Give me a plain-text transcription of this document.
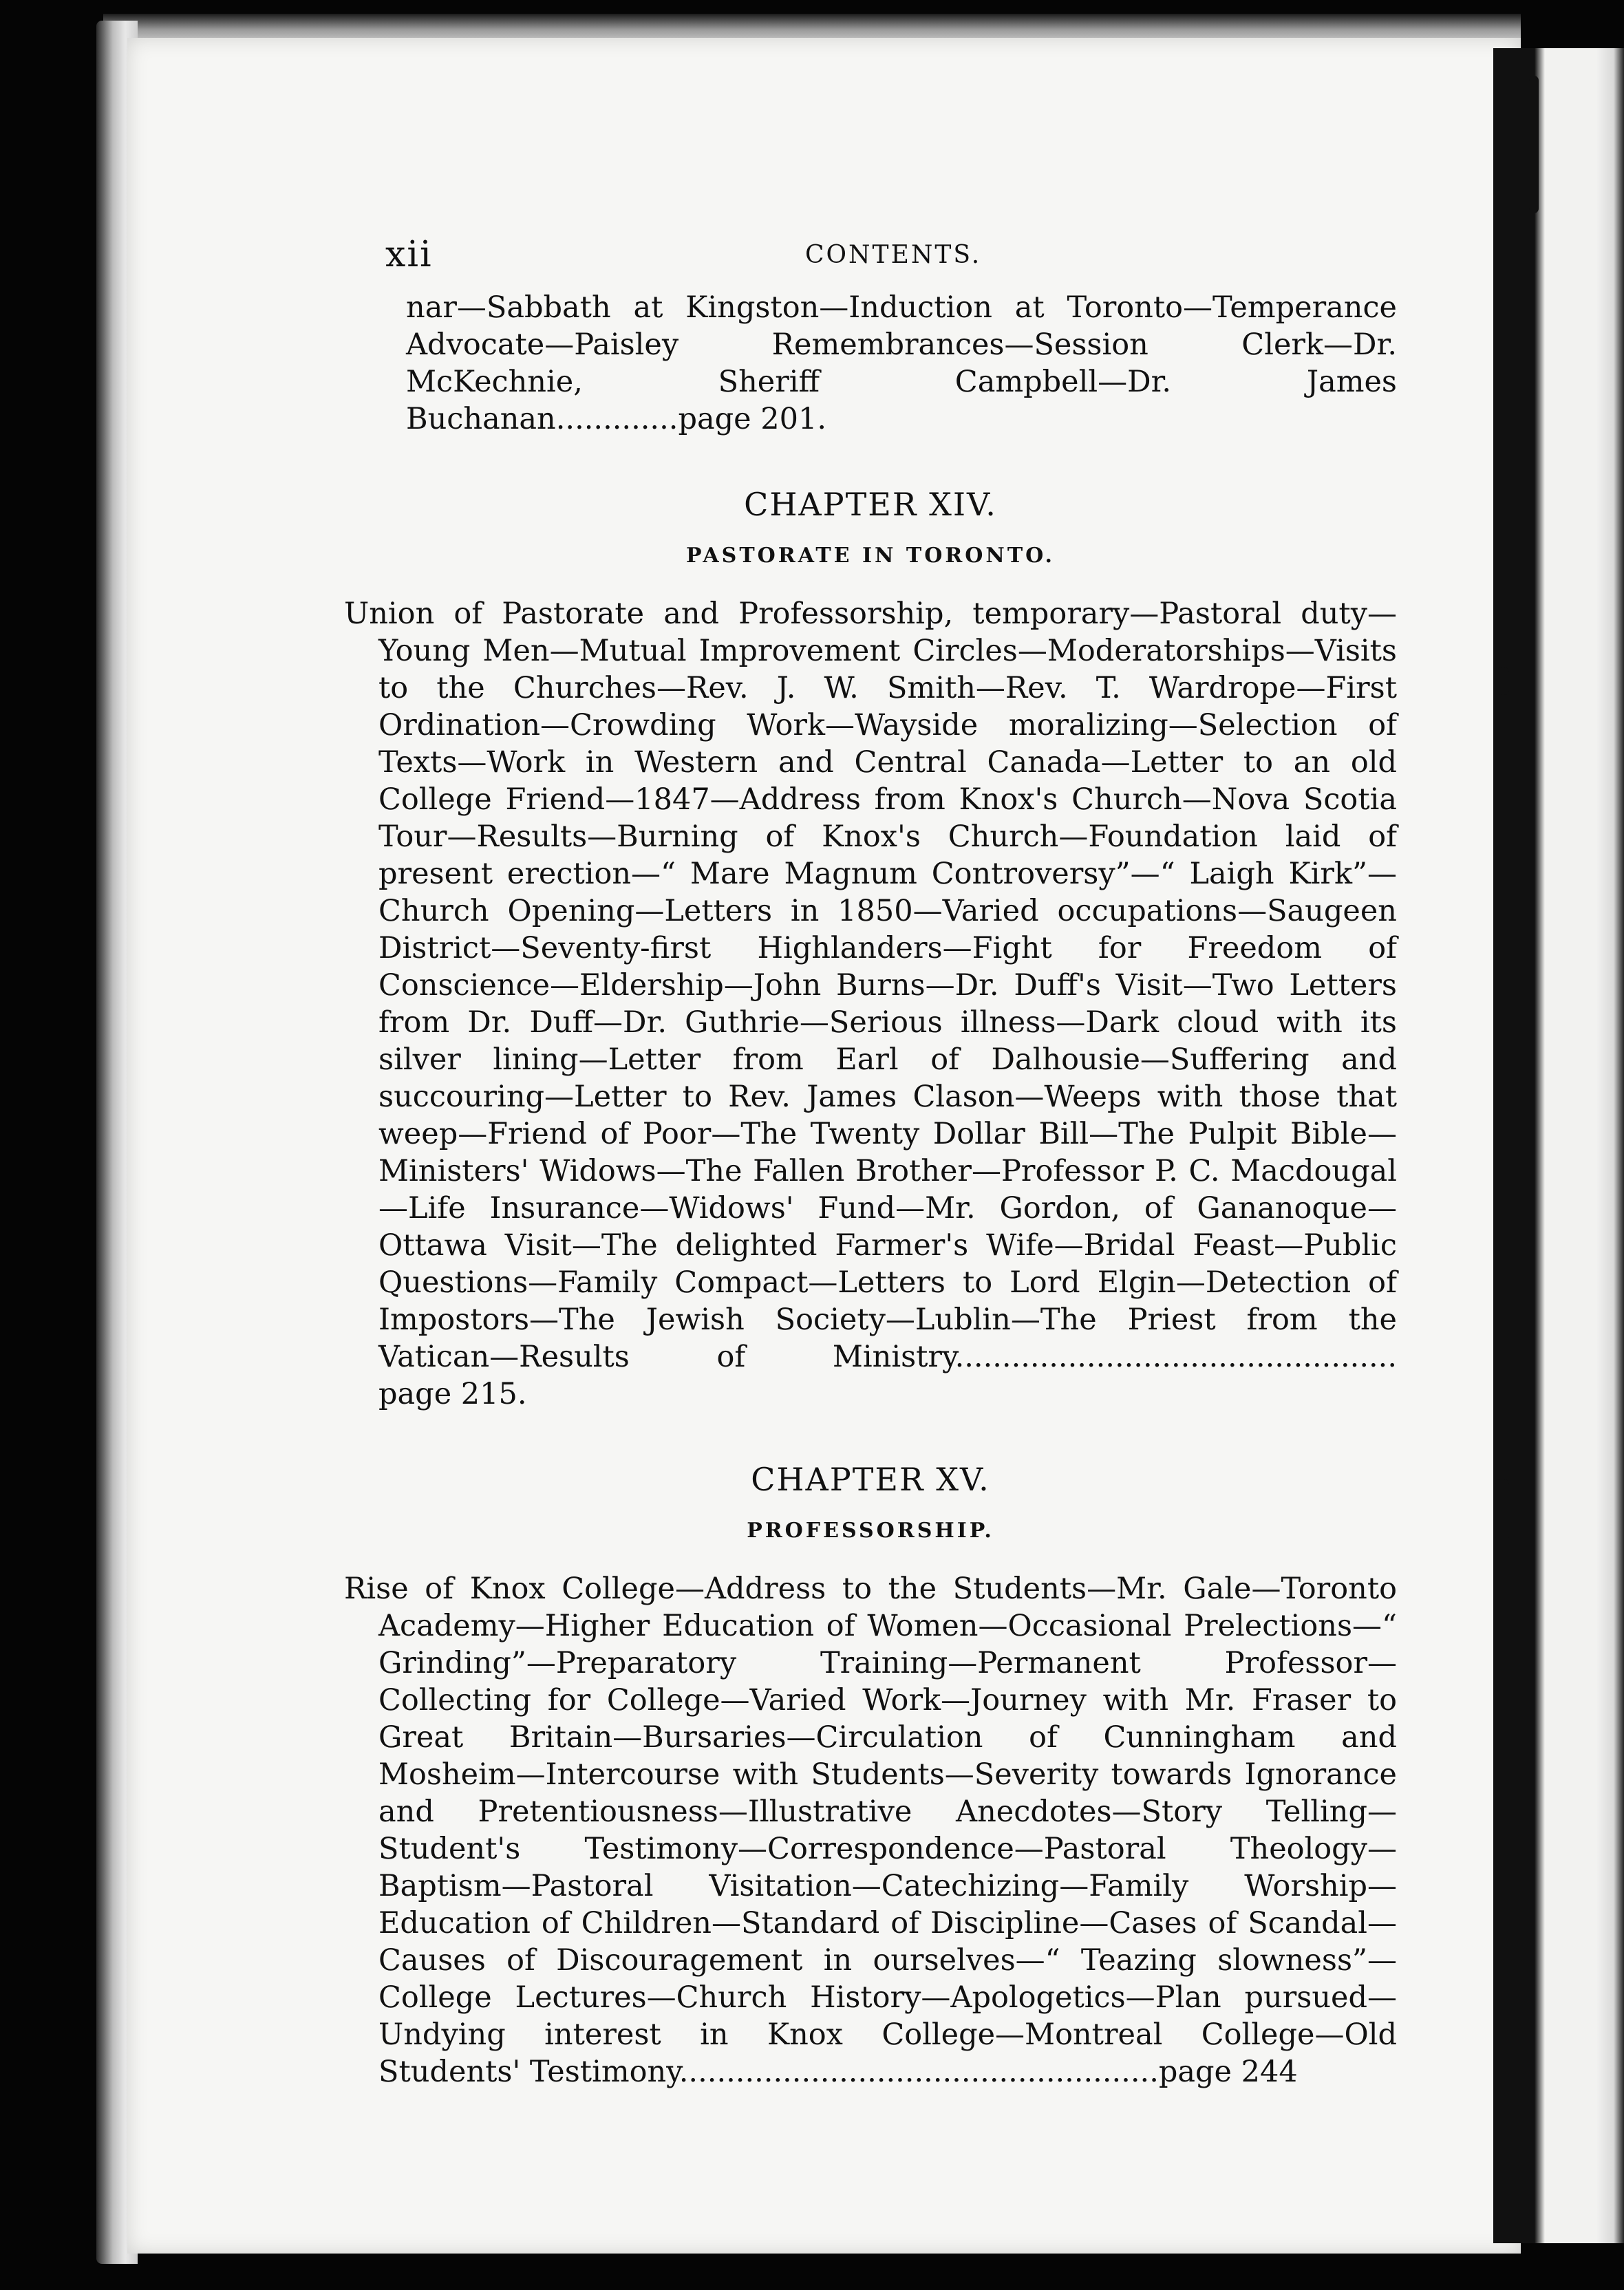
xii	CONTENTS.

nar—Sabbath at Kingston—Induction at Toronto—Temperance Advocate—Paisley Remembrances—Session Clerk—Dr. McKechnie, Sheriff Campbell—Dr. James Buchanan.............page 201.

CHAPTER XIV.
PASTORATE IN TORONTO.

Union of Pastorate and Professorship, temporary—Pastoral duty—Young Men—Mutual Improvement Circles—Moderatorships—Visits to the Churches—Rev. J. W. Smith—Rev. T. Wardrope—First Ordination—Crowding Work—Wayside moralizing—Selection of Texts—Work in Western and Central Canada—Letter to an old College Friend—1847—Address from Knox's Church—Nova Scotia Tour—Results—Burning of Knox's Church—Foundation laid of present erection—“ Mare Magnum Controversy”—“ Laigh Kirk”—Church Opening—Letters in 1850—Varied occupations—Saugeen District—Seventy-first Highlanders—Fight for Freedom of Conscience—Eldership—John Burns—Dr. Duff's Visit—Two Letters from Dr. Duff—Dr. Guthrie—Serious illness—Dark cloud with its silver lining—Letter from Earl of Dalhousie—Suffering and succouring—Letter to Rev. James Clason—Weeps with those that weep—Friend of Poor—The Twenty Dollar Bill—The Pulpit Bible—Ministers' Widows—The Fallen Brother—Professor P. C. Macdougal—Life Insurance—Widows' Fund—Mr. Gordon, of Gananoque—Ottawa Visit—The delighted Farmer's Wife—Bridal Feast—Public Questions—Family Compact—Letters to Lord Elgin—Detection of Impostors—The Jewish Society—Lublin—The Priest from the Vatican—Results of Ministry............................................... page 215.

CHAPTER XV.
PROFESSORSHIP.

Rise of Knox College—Address to the Students—Mr. Gale—Toronto Academy—Higher Education of Women—Occasional Prelections—“ Grinding”—Preparatory Training—Permanent Professor—Collecting for College—Varied Work—Journey with Mr. Fraser to Great Britain—Bursaries—Circulation of Cunningham and Mosheim—Intercourse with Students—Severity towards Ignorance and Pretentiousness—Illustrative Anecdotes—Story Telling—Student's Testimony—Correspondence—Pastoral Theology—Baptism—Pastoral Visitation—Catechizing—Family Worship—Education of Children—Standard of Discipline—Cases of Scandal—Causes of Discouragement in ourselves—“ Teazing slowness”—College Lectures—Church History—Apologetics—Plan pursued—Undying interest in Knox College—Montreal College—Old Students' Testimony...................................................page 244
